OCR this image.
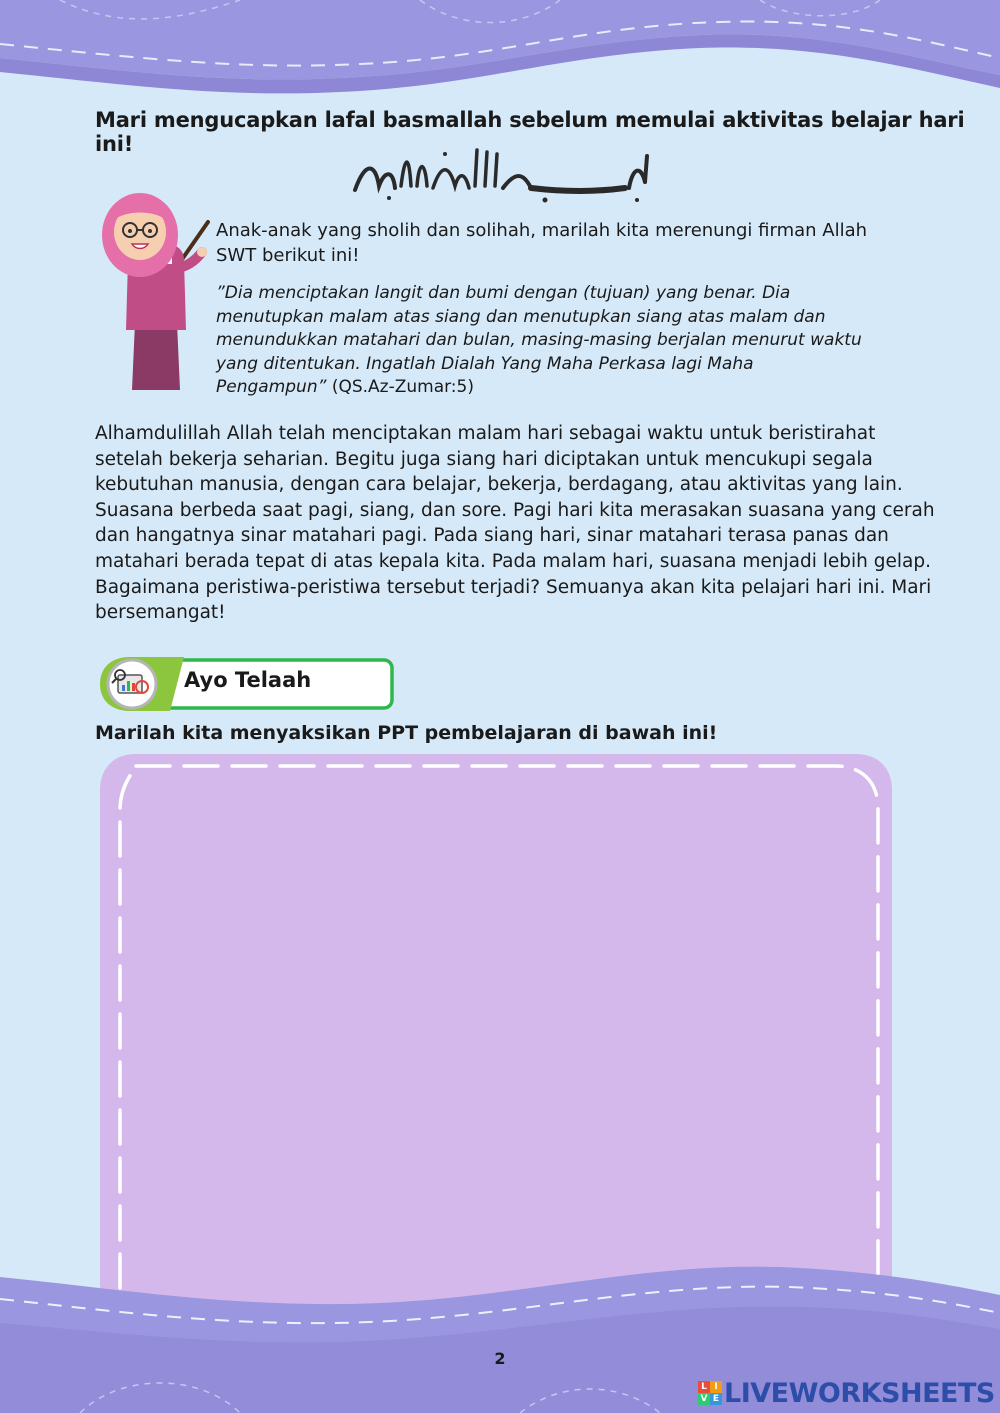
Mari mengucapkan lafal basmallah sebelum memulai aktivitas belajar hari ini!
Anak-anak yang sholih dan solihah, marilah kita merenungi firman Allah SWT berikut ini!
”Dia menciptakan langit dan bumi dengan (tujuan) yang benar. Dia menutupkan malam atas siang dan menutupkan siang atas malam dan menundukkan matahari dan bulan, masing-masing berjalan menurut waktu yang ditentukan. Ingatlah Dialah Yang Maha Perkasa lagi Maha Pengampun” (QS.Az-Zumar:5)
Alhamdulillah Allah telah menciptakan malam hari sebagai waktu untuk beristirahat setelah bekerja seharian. Begitu juga siang hari diciptakan untuk mencukupi segala kebutuhan manusia, dengan cara belajar, bekerja, berdagang, atau aktivitas yang lain. Suasana berbeda saat pagi, siang, dan sore. Pagi hari kita merasakan suasana yang cerah dan hangatnya sinar matahari pagi. Pada siang hari, sinar matahari terasa panas dan matahari berada tepat di atas kepala kita. Pada malam hari, suasana menjadi lebih gelap. Bagaimana peristiwa-peristiwa tersebut terjadi? Semuanya akan kita pelajari hari ini. Mari bersemangat!
Ayo Telaah
Marilah kita menyaksikan PPT pembelajaran di bawah ini!
2
L I
V E LIVEWORKSHEETS
